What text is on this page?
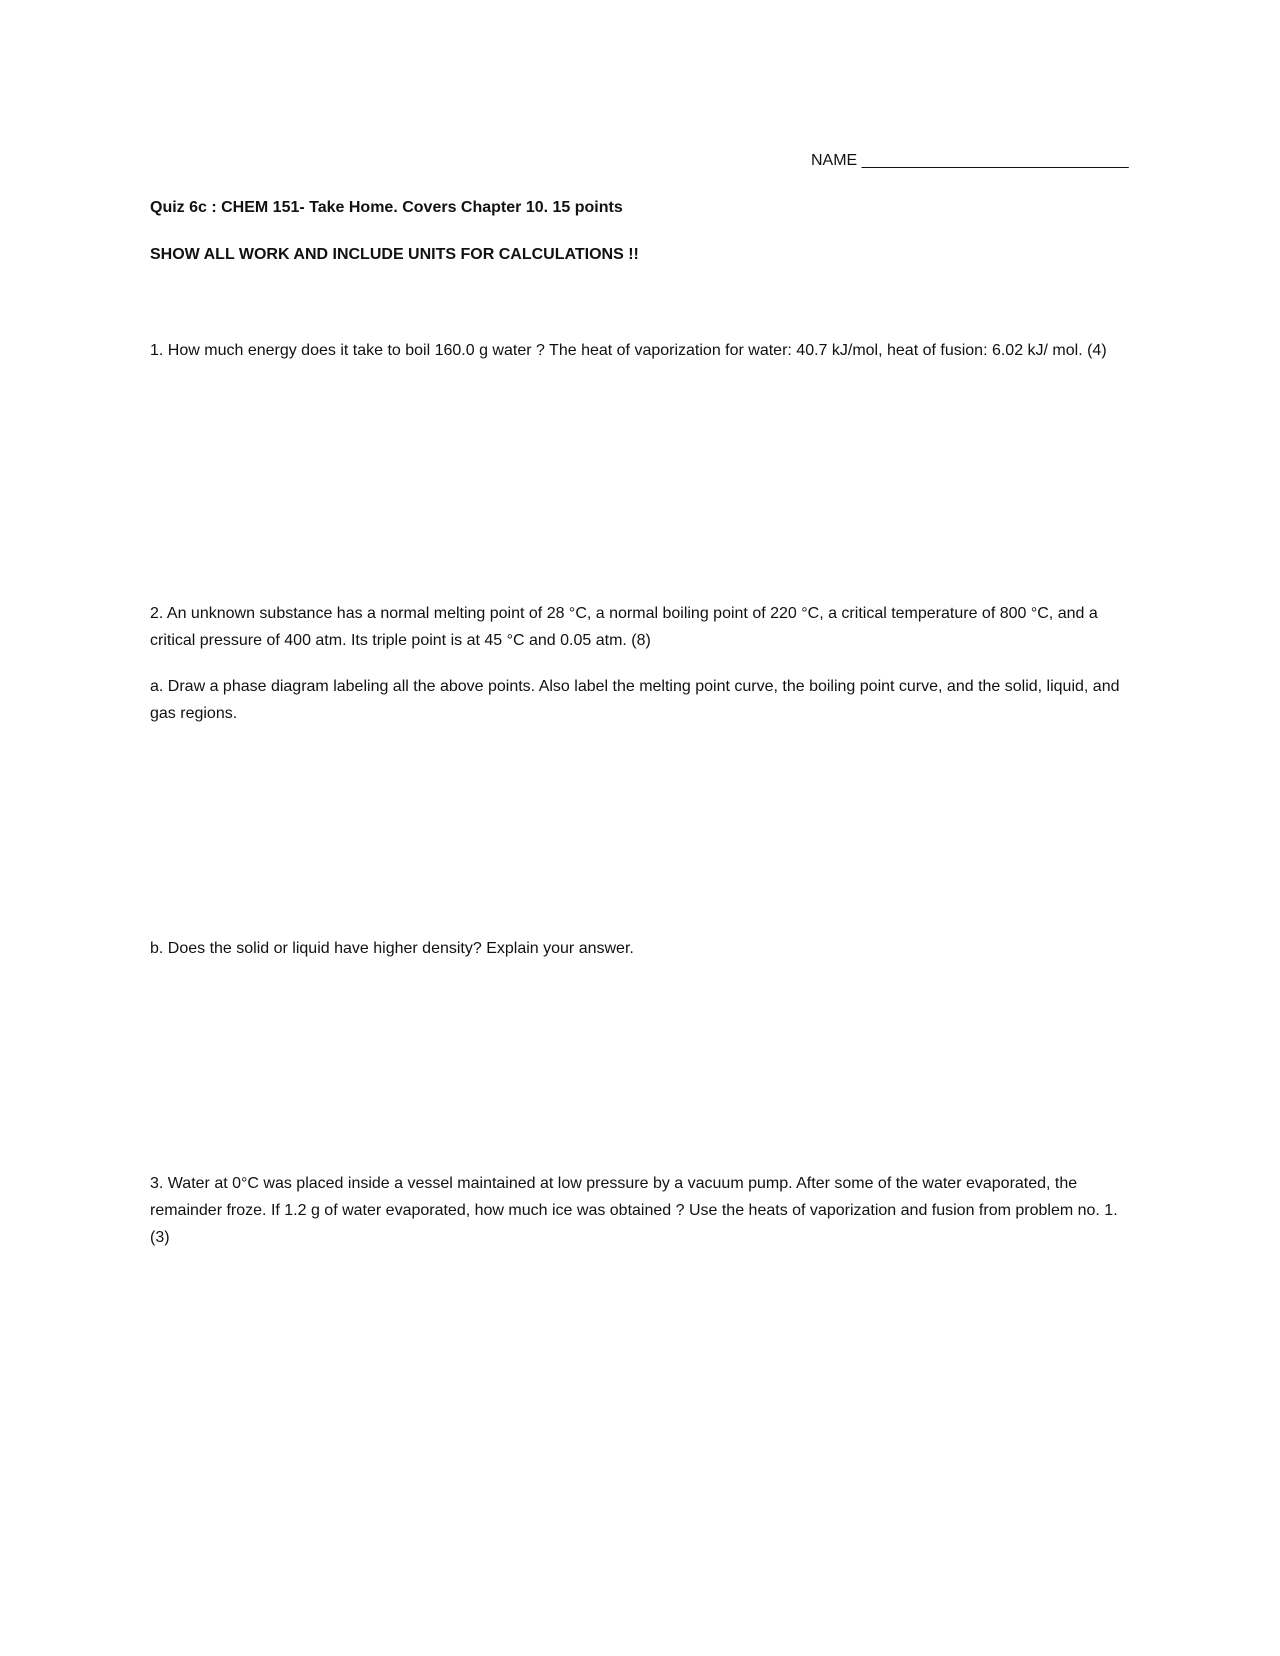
NAME ______________________________
Quiz 6c : CHEM 151- Take Home. Covers Chapter 10. 15 points
SHOW ALL WORK AND INCLUDE UNITS FOR CALCULATIONS !!
1. How much energy does it take to boil 160.0 g water ? The heat of vaporization for water: 40.7 kJ/mol, heat of fusion: 6.02 kJ/ mol. (4)
2. An unknown substance has a normal melting point of 28 °C, a normal boiling point of 220 °C, a critical temperature of 800 °C, and a critical pressure of 400 atm. Its triple point is at 45 °C and 0.05 atm. (8)
a. Draw a phase diagram labeling all the above points. Also label the melting point curve, the boiling point curve, and the solid, liquid, and gas regions.
b. Does the solid or liquid have higher density? Explain your answer.
3. Water at 0°C was placed inside a vessel maintained at low pressure by a vacuum pump. After some of the water evaporated, the remainder froze. If 1.2 g of water evaporated, how much ice was obtained ? Use the heats of vaporization and fusion from problem no. 1.(3)
